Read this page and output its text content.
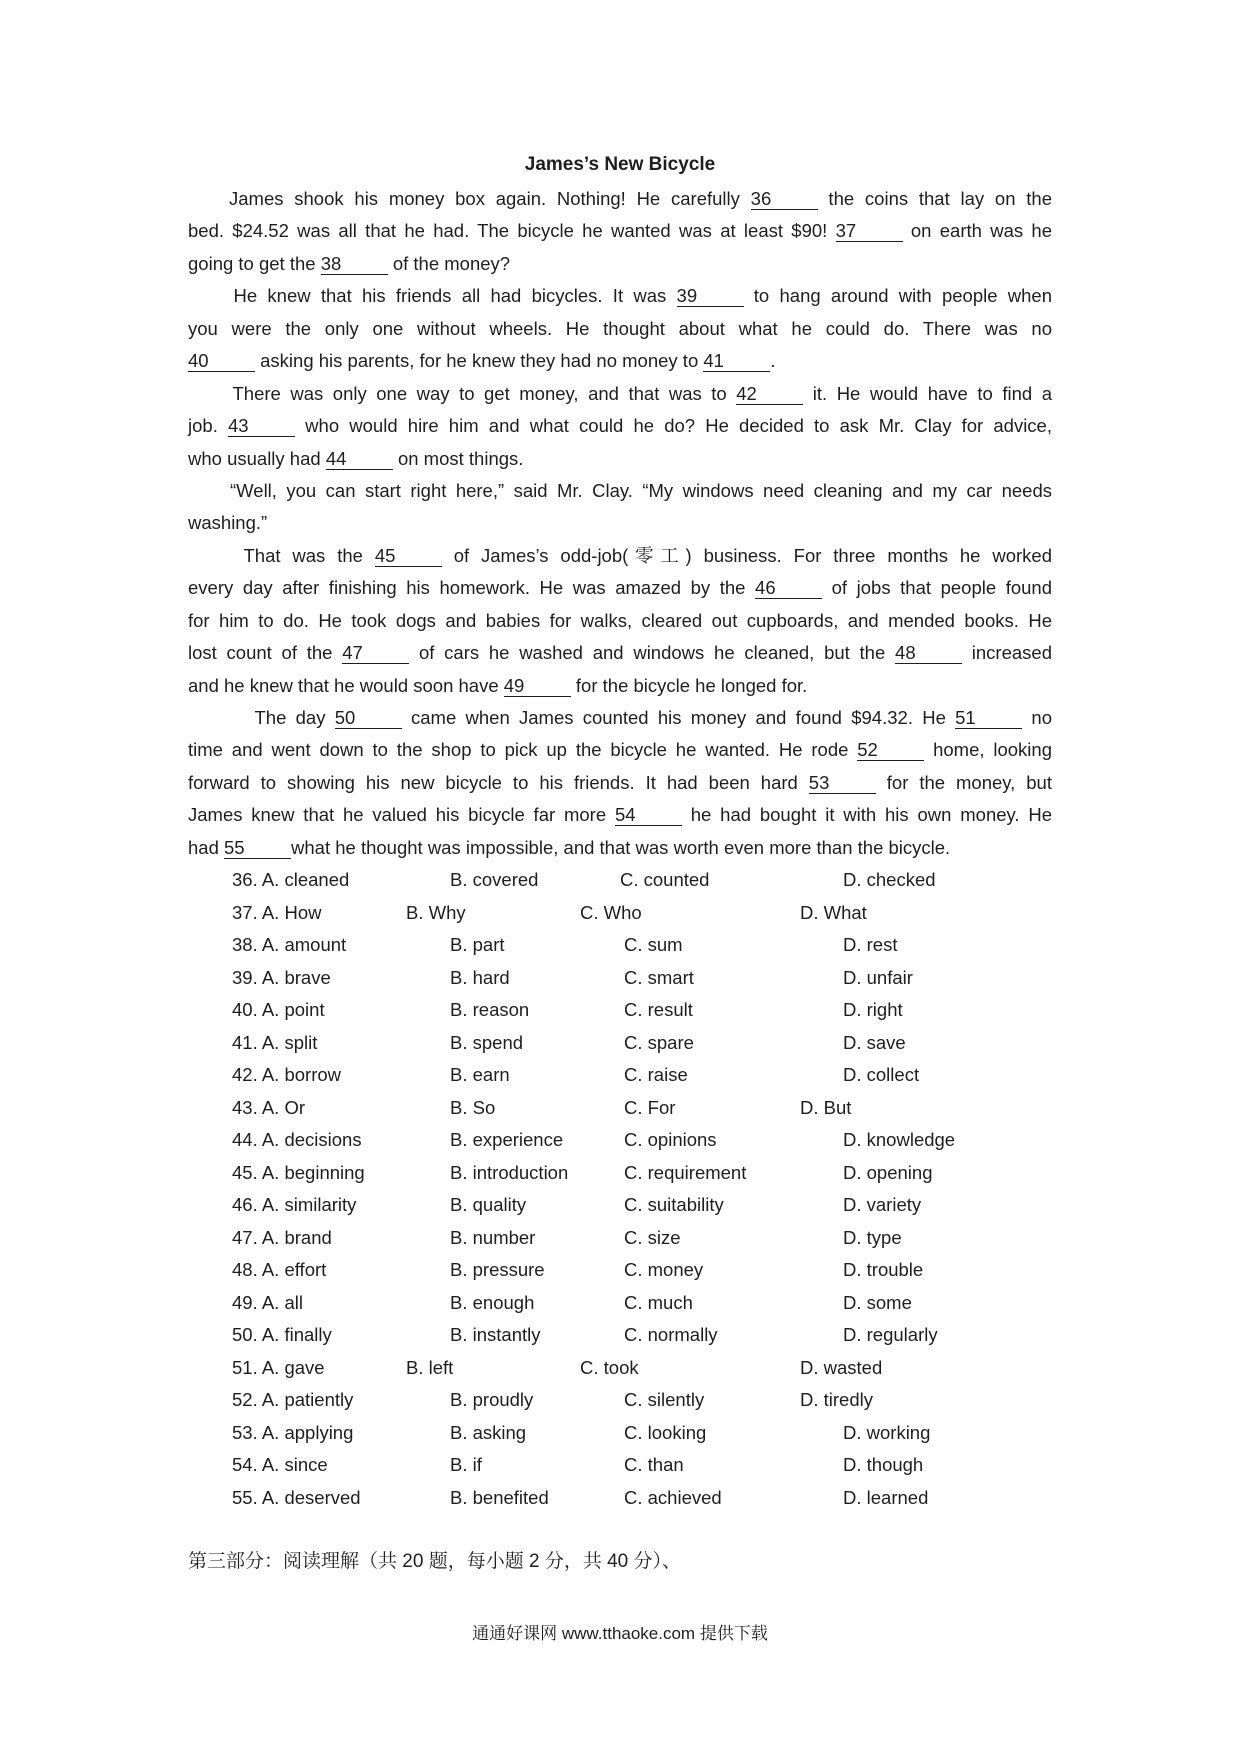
James’s New Bicycle
James shook his money box again. Nothing! He carefully 36	the coins that lay on the
bed. $24.52 was all that he had. The bicycle he wanted was at least $90! 37	on earth was he
going to get the 38	of the money?
He knew that his friends all had bicycles. It was 39	to hang around with people when
you were the only one without wheels. He thought about what he could do. There was no
40	asking his parents, for he knew they had no money to 41	.
There was only one way to get money, and that was to 42	it. He would have to find a
job. 43	who would hire him and what could he do? He decided to ask Mr. Clay for advice,
who usually had 44	on most things.
“Well, you can start right here,” said Mr. Clay. “My windows need cleaning and my car needs
washing.”
That was the 45	of James’s odd-job(零工) business. For three months he worked
every day after finishing his homework. He was amazed by the 46	of jobs that people found
for him to do. He took dogs and babies for walks, cleared out cupboards, and mended books. He
lost count of the 47	of cars he washed and windows he cleaned, but the 48	increased
and he knew that he would soon have 49	for the bicycle he longed for.
The day 50	came when James counted his money and found $94.32. He 51	no
time and went down to the shop to pick up the bicycle he wanted. He rode 52	home, looking
forward to showing his new bicycle to his friends. It had been hard 53	for the money, but
James knew that he valued his bicycle far more 54	he had bought it with his own money. He
had 55	what he thought was impossible, and that was worth even more than the bicycle.
36. A. cleaned	B. covered	C. counted	D. checked
37. A. How	B. Why	C. Who	D. What
38. A. amount	B. part	C. sum	D. rest
39. A. brave	B. hard	C. smart	D. unfair
40. A. point	B. reason	C. result	D. right
41. A. split	B. spend	C. spare	D. save
42. A. borrow	B. earn	C. raise	D. collect
43. A. Or	B. So	C. For	D. But
44. A. decisions	B. experience	C. opinions	D. knowledge
45. A. beginning	B. introduction	C. requirement	D. opening
46. A. similarity	B. quality	C. suitability	D. variety
47. A. brand	B. number	C. size	D. type
48. A. effort	B. pressure	C. money	D. trouble
49. A. all	B. enough	C. much	D. some
50. A. finally	B. instantly	C. normally	D. regularly
51. A. gave	B. left	C. took	D. wasted
52. A. patiently	B. proudly	C. silently	D. tiredly
53. A. applying	B. asking	C. looking	D. working
54. A. since	B. if	C. than	D. though
55. A. deserved	B. benefited	C. achieved	D. learned
第三部分：阅读理解（共 20 题，每小题 2 分，共 40 分）、
通通好课网 www.tthaoke.com 提供下载
